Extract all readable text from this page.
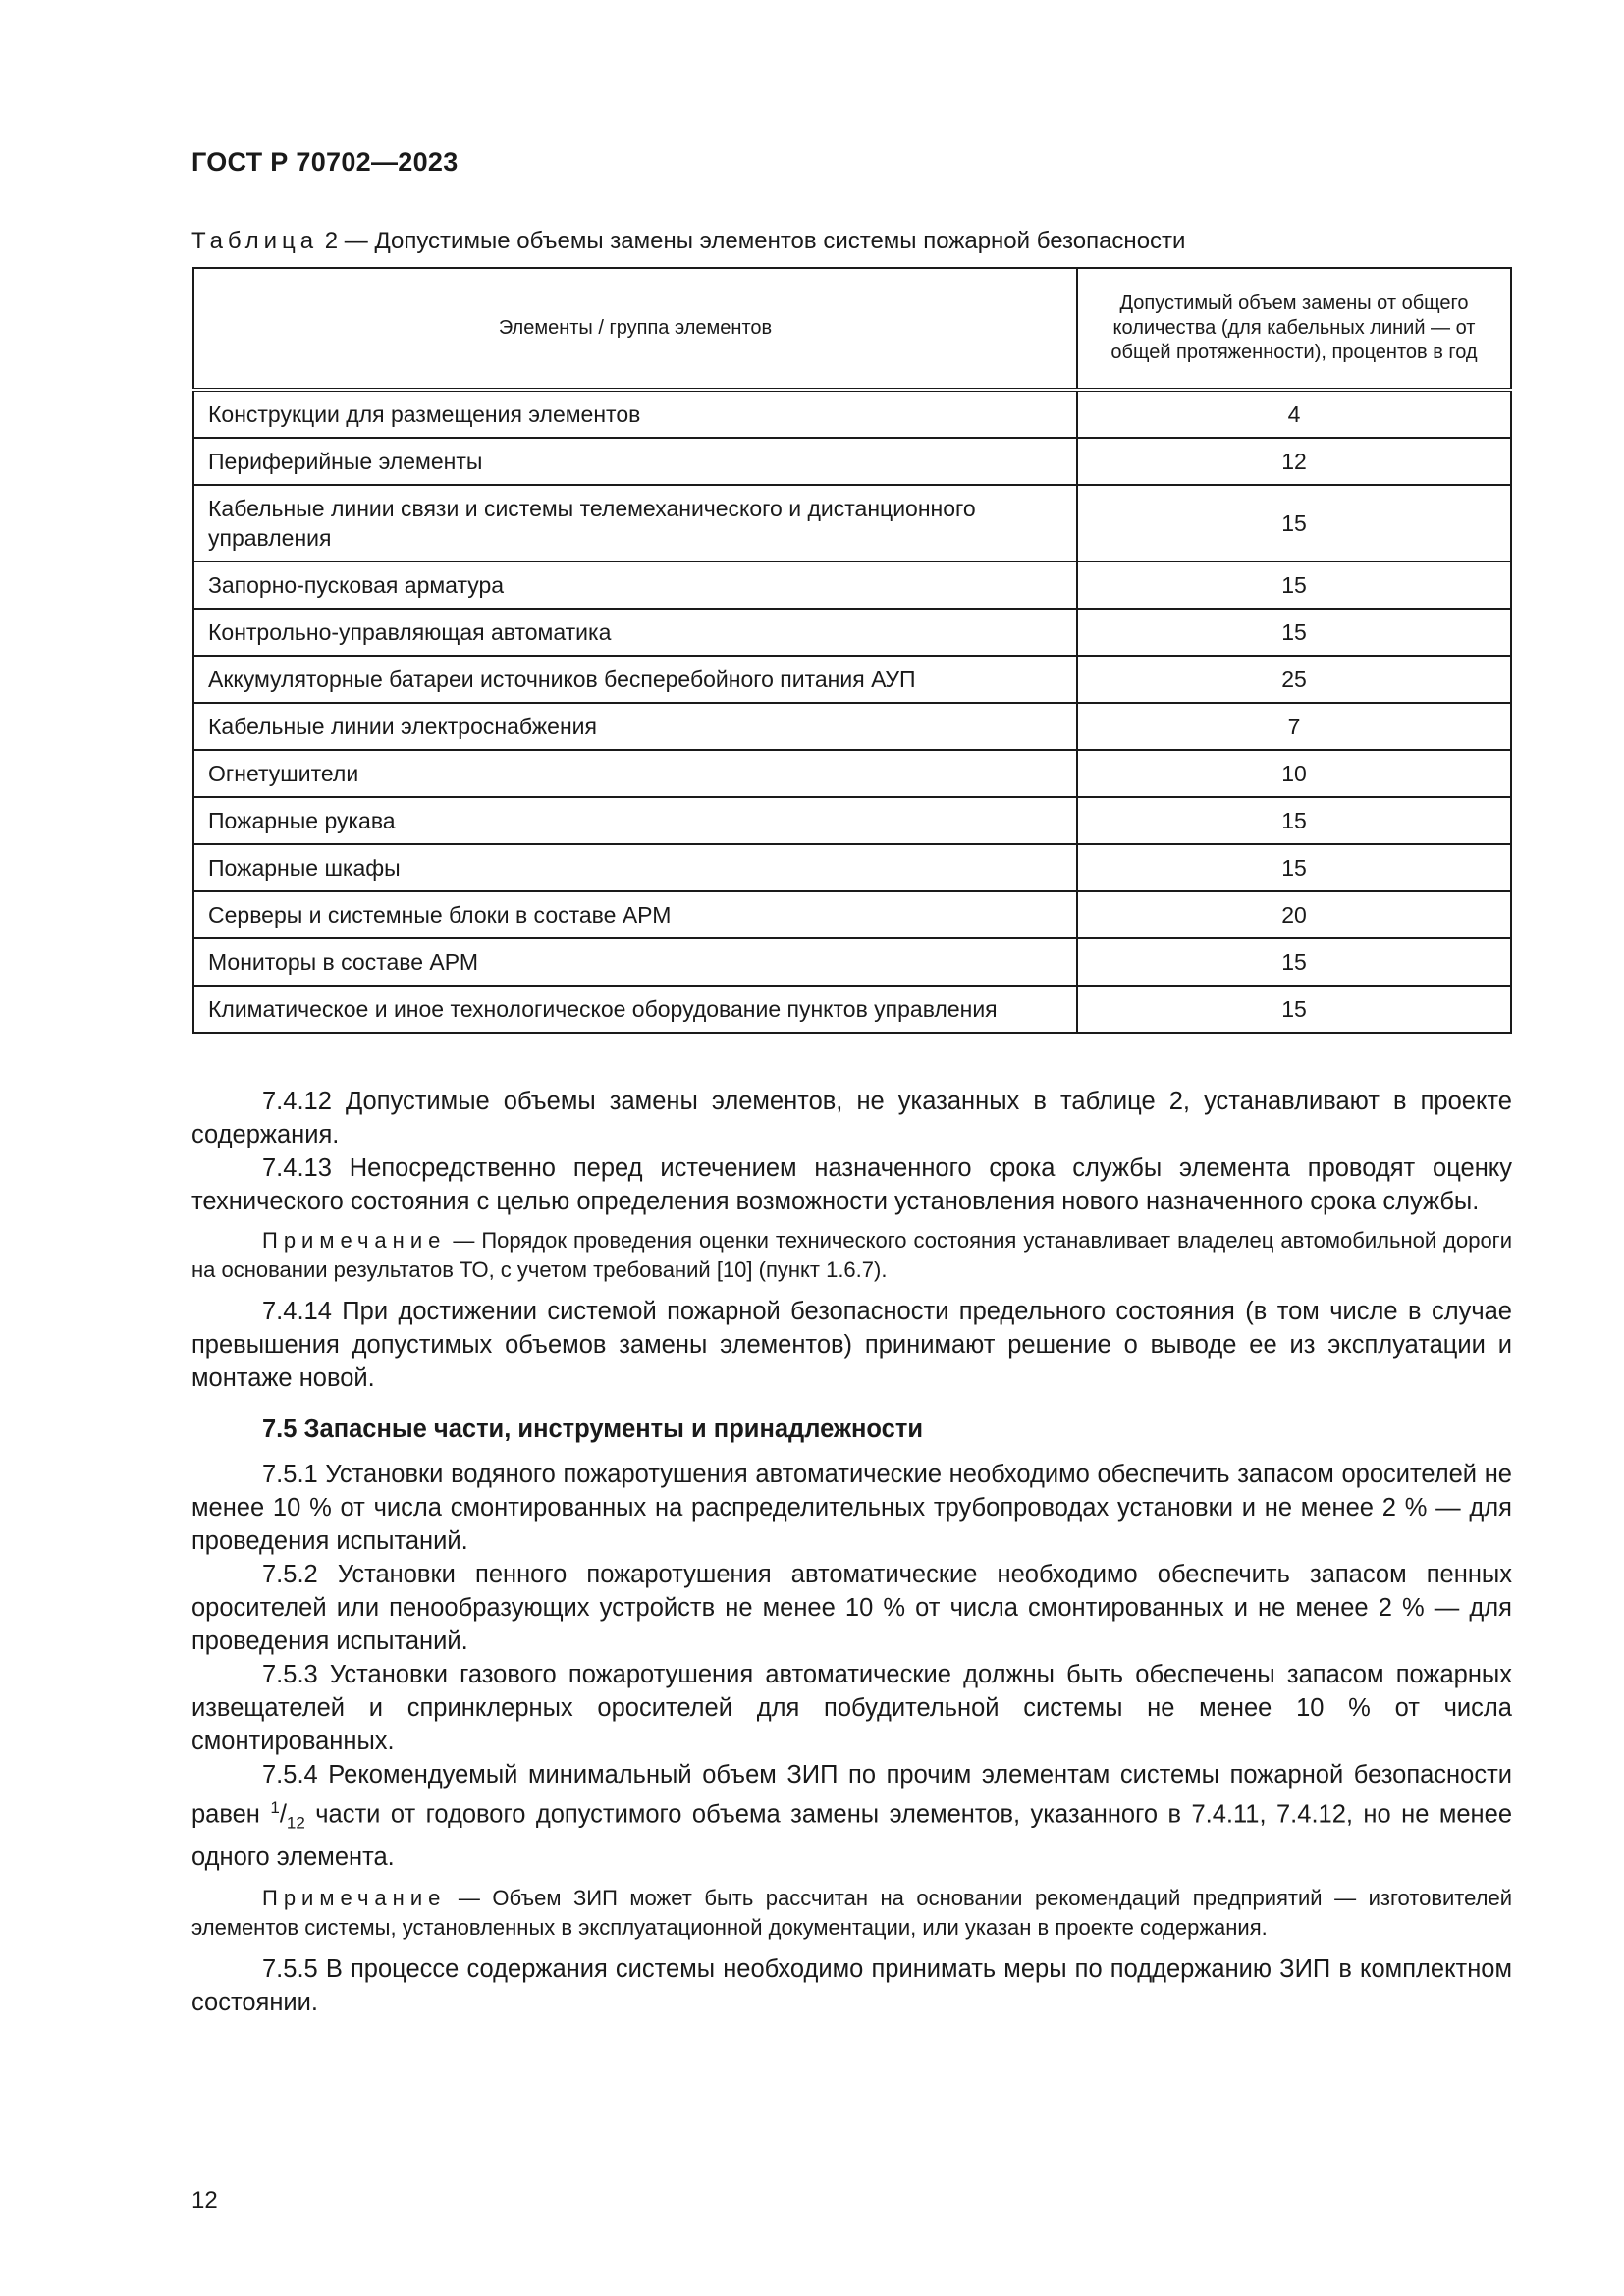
ГОСТ Р 70702—2023
Таблица 2 — Допустимые объемы замены элементов системы пожарной безопасности
Элементы / группа элементов	Допустимый объем замены от общего количества (для кабельных линий — от общей протяженности), процентов в год
Конструкции для размещения элементов	4
Периферийные элементы	12
Кабельные линии связи и системы телемеханического и дистанционного управления	15
Запорно-пусковая арматура	15
Контрольно-управляющая автоматика	15
Аккумуляторные батареи источников бесперебойного питания АУП	25
Кабельные линии электроснабжения	7
Огнетушители	10
Пожарные рукава	15
Пожарные шкафы	15
Серверы и системные блоки в составе АРМ	20
Мониторы в составе АРМ	15
Климатическое и иное технологическое оборудование пунктов управления	15

7.4.12 Допустимые объемы замены элементов, не указанных в таблице 2, устанавливают в проекте содержания.

7.4.13 Непосредственно перед истечением назначенного срока службы элемента проводят оценку технического состояния с целью определения возможности установления нового назначенного срока службы.

Примечание — Порядок проведения оценки технического состояния устанавливает владелец автомобильной дороги на основании результатов ТО, с учетом требований [10] (пункт 1.6.7).

7.4.14 При достижении системой пожарной безопасности предельного состояния (в том числе в случае превышения допустимых объемов замены элементов) принимают решение о выводе ее из эксплуатации и монтаже новой.

7.5 Запасные части, инструменты и принадлежности

7.5.1 Установки водяного пожаротушения автоматические необходимо обеспечить запасом оросителей не менее 10 % от числа смонтированных на распределительных трубопроводах установки и не менее 2 % — для проведения испытаний.

7.5.2 Установки пенного пожаротушения автоматические необходимо обеспечить запасом пенных оросителей или пенообразующих устройств не менее 10 % от числа смонтированных и не менее 2 % — для проведения испытаний.

7.5.3 Установки газового пожаротушения автоматические должны быть обеспечены запасом пожарных извещателей и спринклерных оросителей для побудительной системы не менее 10 % от числа смонтированных.

7.5.4 Рекомендуемый минимальный объем ЗИП по прочим элементам системы пожарной безопасности равен $^1/_{12}$ части от годового допустимого объема замены элементов, указанного в 7.4.11, 7.4.12, но не менее одного элемента.

Примечание — Объем ЗИП может быть рассчитан на основании рекомендаций предприятий — изготовителей элементов системы, установленных в эксплуатационной документации, или указан в проекте содержания.

7.5.5 В процессе содержания системы необходимо принимать меры по поддержанию ЗИП в комплектном состоянии.

12
